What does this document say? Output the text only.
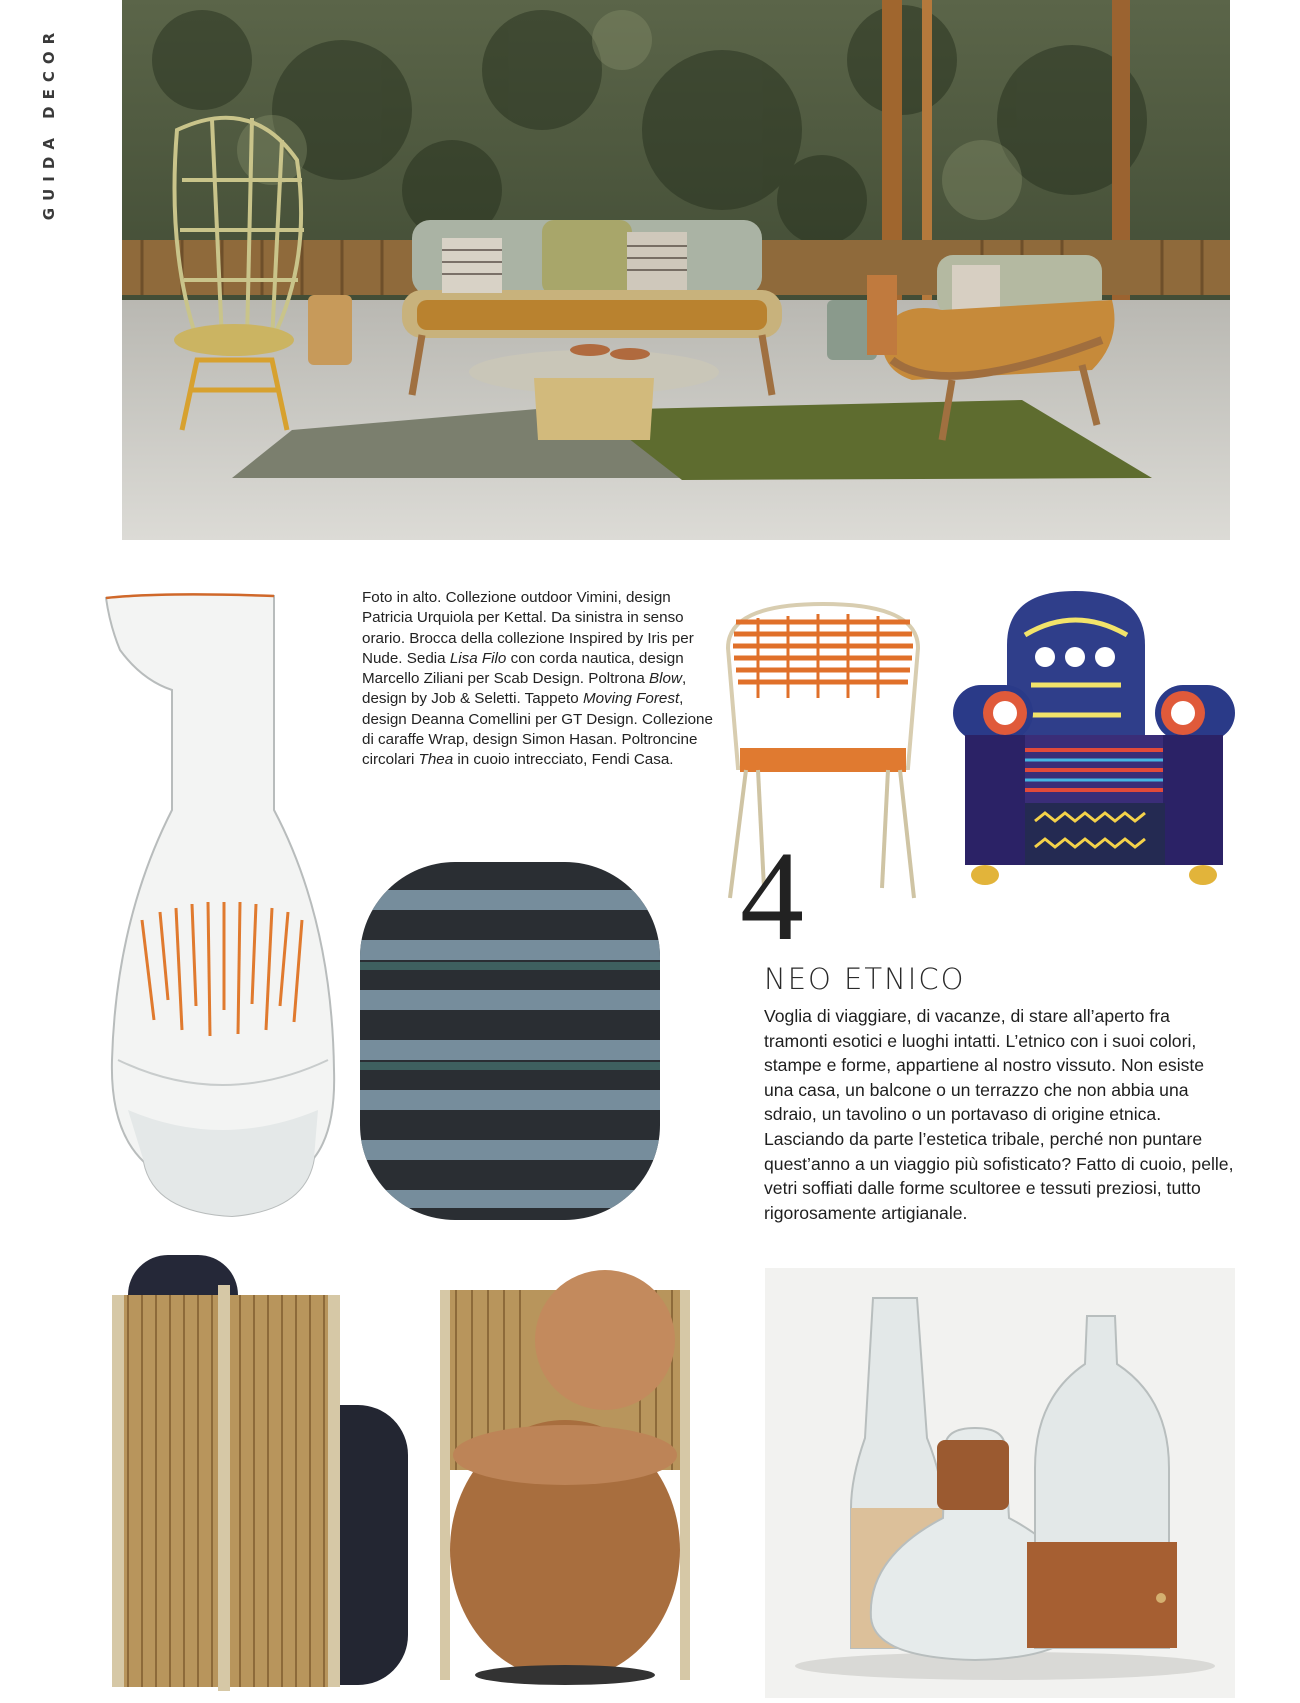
GUIDA DECOR

Foto in alto. Collezione outdoor Vimini, design Patricia Urquiola per Kettal. Da sinistra in senso orario. Brocca della collezione Inspired by Iris per Nude. Sedia Lisa Filo con corda nautica, design Marcello Ziliani per Scab Design. Poltrona Blow, design by Job & Seletti. Tappeto Moving Forest, design Deanna Comellini per GT Design. Collezione di caraffe Wrap, design Simon Hasan. Poltroncine circolari Thea in cuoio intrecciato, Fendi Casa.

4
NEO ETNICO

Voglia di viaggiare, di vacanze, di stare all’aperto fra tramonti esotici e luoghi intatti. L’etnico con i suoi colori, stampe e forme, appartiene al nostro vissuto. Non esiste una casa, un balcone o un terrazzo che non abbia una sdraio, un tavolino o un portavaso di origine etnica. Lasciando da parte l’estetica tribale, perché non puntare quest’anno a un viaggio più sofisticato? Fatto di cuoio, pelle, vetri soffiati dalle forme scultoree e tessuti preziosi, tutto rigorosamente artigianale.
